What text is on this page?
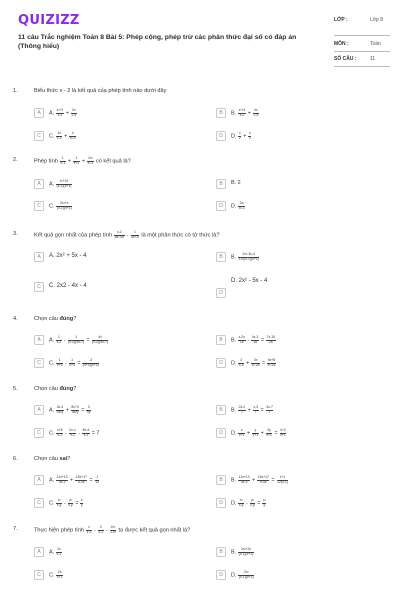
QUIZIZZ
11 câu Trắc nghiệm Toán 8 Bài 5: Phép cộng, phép trừ các phân thức đại số có đáp án (Thông hiểu)
LỚP :	Lớp 8
MÔN :	Toán
SỐ CÂU :	11
1.	Biểu thức x - 2 là kết quả của phép tính nào dưới đây
A	A. $\frac{\text{x²+2}}{x-2} + \frac{2x}{2-x}$	B	B. $\frac{\text{x²+4}}{x-2} + \frac{4x}{2-x}$
C	C. $\frac{2x}{x-2} + \frac{4}{\text{x²-4}}$	D	D. $\frac{x}{2} + \frac{x}{2}$
2.	Phép tính $\frac{1}{x-1} + \frac{1}{x+1} + \frac{\text{2x²}}{\text{x²-1}}$ có kết quả là?
A	A. $\frac{\text{x²+2x}}{(x-1)(x+1)}$	B	B. 2
C	C. $\frac{\text{2x²+x}}{(x-1)(x+1)}$	D	D. $\frac{\text{2x²}}{\text{x²-1}}$
3.	Kết quả gọn nhất của phép tính $\frac{x-2}{\text{6x²-6x}} - \frac{1}{\text{4x²-4}}$ là một phân thức có tử thức là?
A	A. 2x² + 5x - 4	B	B. $\frac{\text{2x²-3x-4}}{12x(x-1)(x+1)}$
C	C. 2x2 - 4x - 4
D
D. 2x² - 5x - 4
4.	Chọn câu đúng?
A	A. $\frac{1}{x-2} - \frac{1}{(x-2)(4x-7)} = \frac{4x}{(x-2)(4x-7)}$	B	B. $\frac{x-2x}{18} - \frac{4x-3}{18} = \frac{7x-15}{28}$
C	C. $\frac{1}{x+5} - \frac{1}{x+3} = \frac{-2}{(x+4)(x+3)}$	D	D. $\frac{2}{x-5} + \frac{3x}{\text{x²-25}} = \frac{5x+6}{\text{x²-25}}$
5.	Chọn câu đúng?
A	A. $\frac{3x-3}{\text{4x²y}} + \frac{8x+3}{\text{4x²y}} = \frac{3}{xy}$	B	B. $\frac{2x-2}{7} + \frac{x-3}{7} = \frac{3x-7}{7}$
C	C. $\frac{x+8}{x-1} - \frac{2x-1}{x-1} - \frac{8x-4}{x-1} = 7$	D	D. $\frac{x}{x+1} + \frac{y}{x+1} + \frac{2y}{x+1} = \frac{x+3}{x+1}$
6.	Chọn câu sai?
A	A. $\frac{11x+13}{3x-3} + \frac{15x+17}{4-4x} = \frac{-1}{12}$	B	B. $\frac{11x+13}{3x-3} + \frac{15x+17}{4-4x} = \frac{x+1}{12(x-1)}$
C	C. $\frac{\text{x²}}{x-y} - \frac{\text{y²}}{x-y} = \frac{x}{y}$	D	D. $\frac{\text{x²}}{x-y} - \frac{\text{y²}}{x-y} = \frac{\text{x²}}{y}$
7.	Thực hiện phép tính $\frac{x}{x-1} - \frac{3}{x-1} - \frac{\text{2x²}}{\text{1-x²}}$ ta được kết quả gọn nhất là?
A	A. $\frac{2x}{x-1}$	B	B. $\frac{\text{2x²+2x}}{(x-1)(x+1)}$
C	C. $\frac{2x}{x+1}$	D	D. $\frac{\text{2x²}}{(x-1)(x+1)}$
